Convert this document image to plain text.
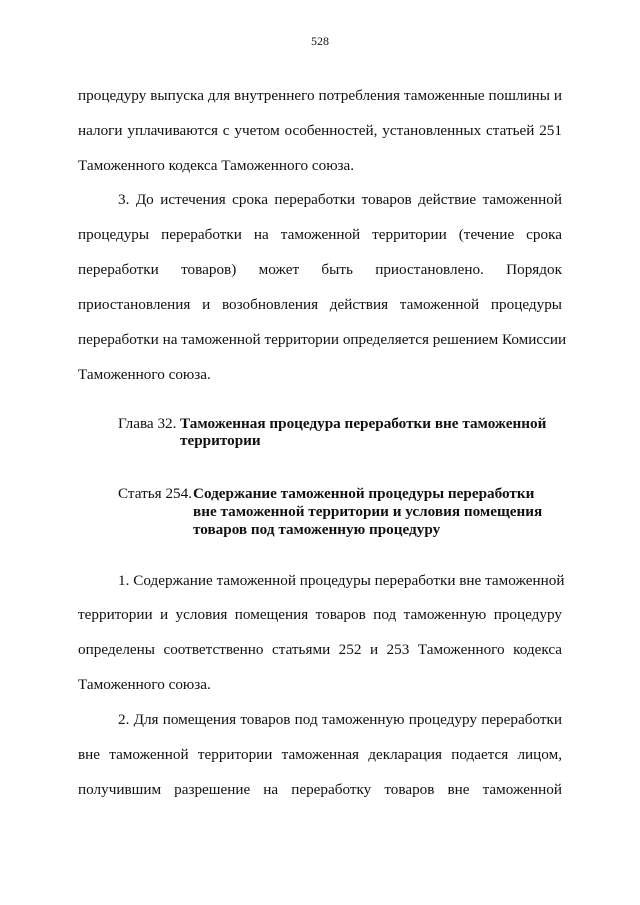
528
процедуру выпуска для внутреннего потребления таможенные пошлины и
налоги уплачиваются с учетом особенностей, установленных статьей 251
Таможенного кодекса Таможенного союза.
3. До истечения срока переработки товаров действие таможенной
процедуры переработки на таможенной территории (течение срока
переработки товаров) может быть приостановлено. Порядок
приостановления и возобновления действия таможенной процедуры
переработки на таможенной территории определяется решением Комиссии
Таможенного союза.
Глава 32. Таможенная процедура переработки вне таможенной
территории
Статья 254. Содержание таможенной процедуры переработки
вне таможенной территории и условия помещения
товаров под таможенную процедуру
1. Содержание таможенной процедуры переработки вне таможенной
территории и условия помещения товаров под таможенную процедуру
определены соответственно статьями 252 и 253 Таможенного кодекса
Таможенного союза.
2. Для помещения товаров под таможенную процедуру переработки
вне таможенной территории таможенная декларация подается лицом,
получившим разрешение на переработку товаров вне таможенной
